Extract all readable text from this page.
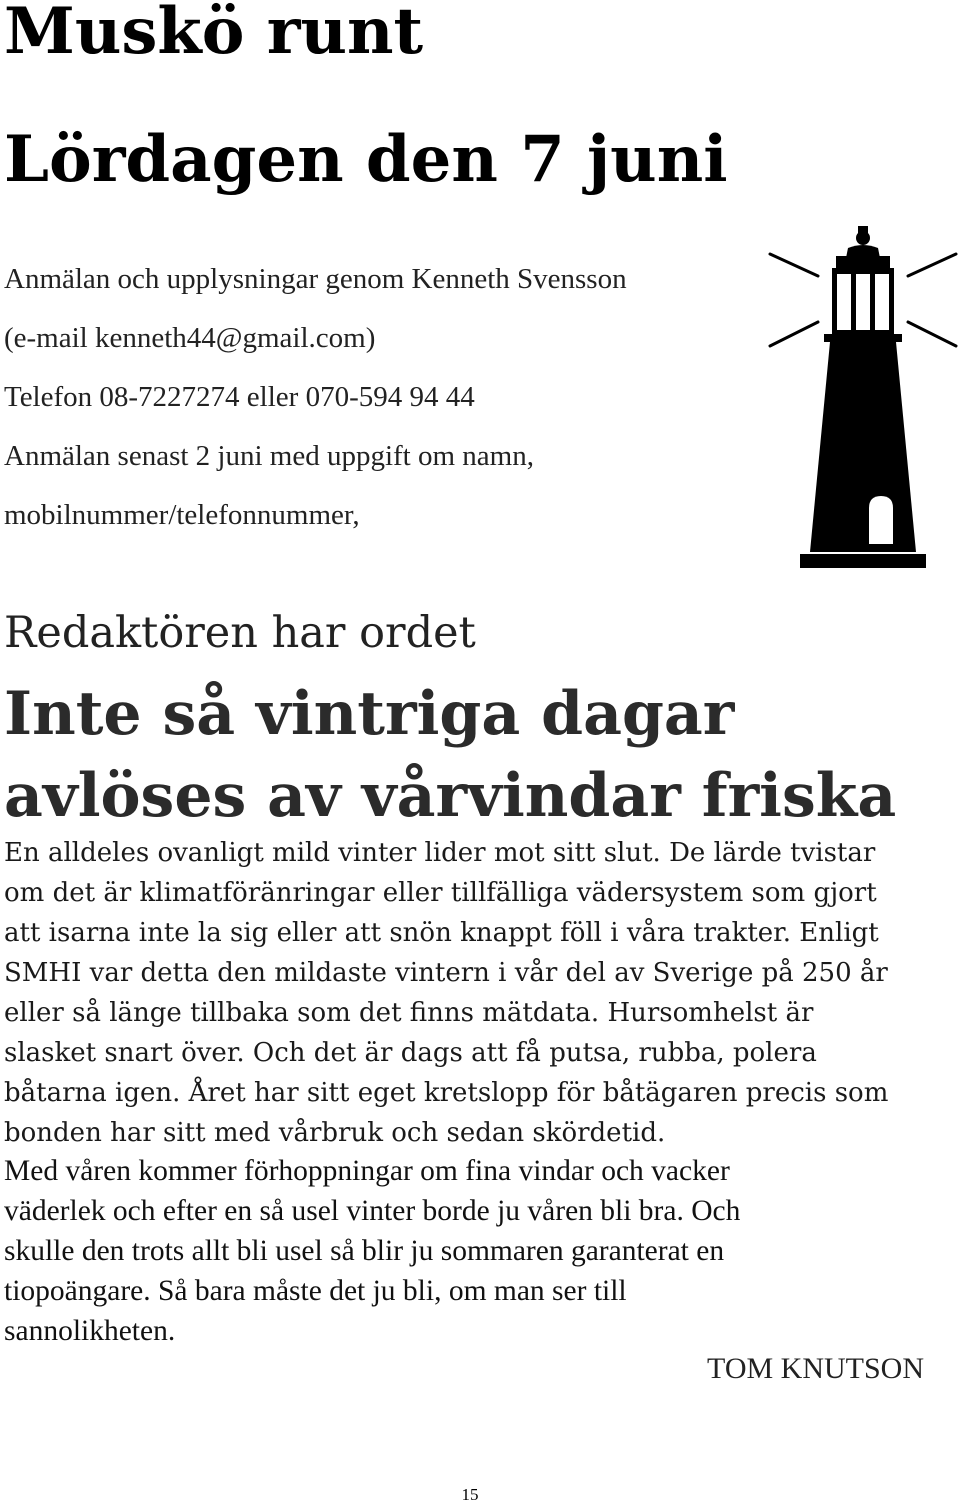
Muskö runt
Lördagen den 7 juni
Anmälan och upplysningar genom Kenneth Svensson
(e-mail kenneth44@gmail.com)
Telefon 08-7227274 eller 070-594 94 44
Anmälan senast 2 juni med uppgift om namn,
mobilnummer/telefonnummer,
Redaktören har ordet
Inte så vintriga dagar
avlöses av vårvindar friska
En alldeles ovanligt mild vinter lider mot sitt slut. De lärde tvistar
om det är klimatföränringar eller tillfälliga vädersystem som gjort
att isarna inte la sig eller att snön knappt föll i våra trakter. Enligt
SMHI var detta den mildaste vintern i vår del av Sverige på 250 år
eller så länge tillbaka som det finns mätdata. Hursomhelst är
slasket snart över. Och det är dags att få putsa, rubba, polera
båtarna igen. Året har sitt eget kretslopp för båtägaren precis som
bonden har sitt med vårbruk och sedan skördetid.
Med våren kommer förhoppningar om fina vindar och vacker
väderlek och efter en så usel vinter borde ju våren bli bra. Och
skulle den trots allt bli usel så blir ju sommaren garanterat en
tiopoängare. Så bara måste det ju bli, om man ser till
sannolikheten.
TOM KNUTSON
15
